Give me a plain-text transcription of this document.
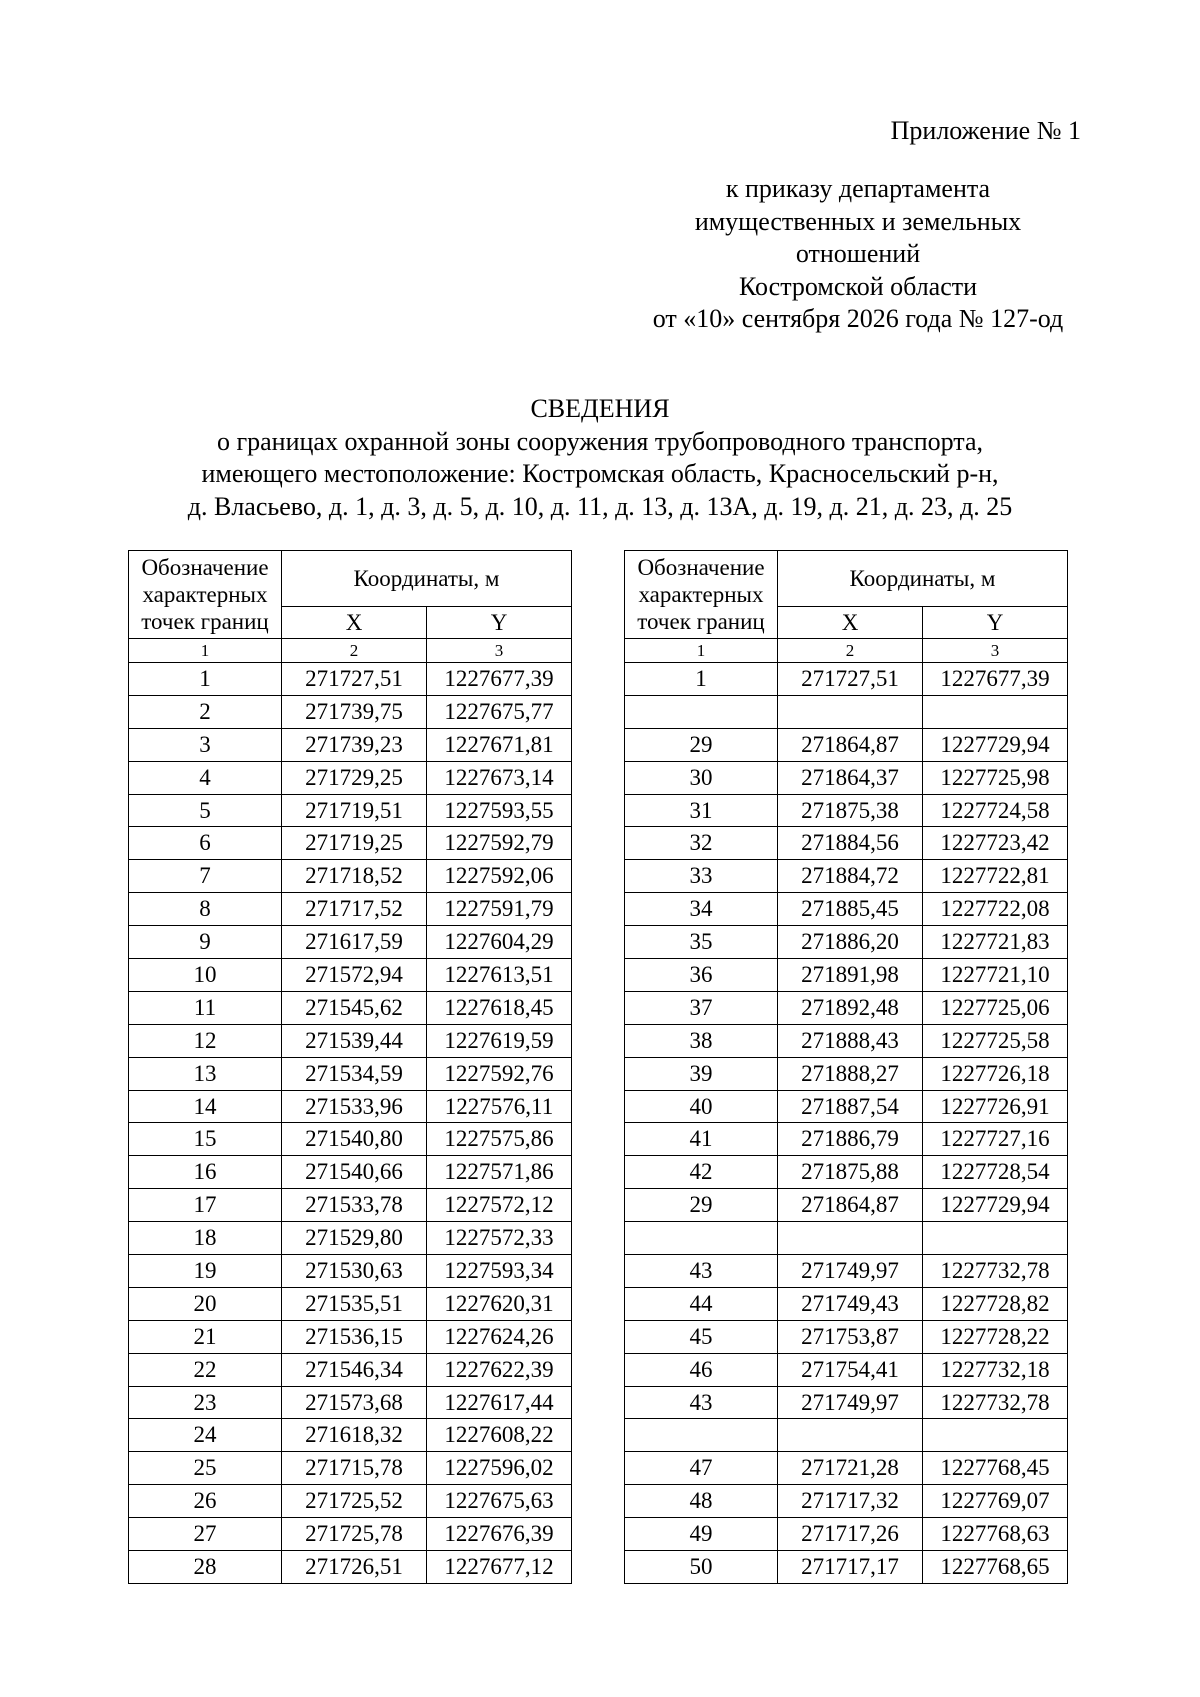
Приложение № 1
к приказу департамента
имущественных и земельных
отношений
Костромской области
от «10» сентября 2026 года № 127-од
СВЕДЕНИЯ
о границах охранной зоны сооружения трубопроводного транспорта,
имеющего местоположение: Костромская область, Красносельский р-н,
д. Власьево, д. 1, д. 3, д. 5, д. 10, д. 11, д. 13, д. 13А, д. 19, д. 21, д. 23, д. 25
Обозначение
характерных
точек границ	Координаты, м	
	X	Y
1	2	3
1	271727,51	1227677,39
2	271739,75	1227675,77
3	271739,23	1227671,81
4	271729,25	1227673,14
5	271719,51	1227593,55
6	271719,25	1227592,79
7	271718,52	1227592,06
8	271717,52	1227591,79
9	271617,59	1227604,29
10	271572,94	1227613,51
11	271545,62	1227618,45
12	271539,44	1227619,59
13	271534,59	1227592,76
14	271533,96	1227576,11
15	271540,80	1227575,86
16	271540,66	1227571,86
17	271533,78	1227572,12
18	271529,80	1227572,33
19	271530,63	1227593,34
20	271535,51	1227620,31
21	271536,15	1227624,26
22	271546,34	1227622,39
23	271573,68	1227617,44
24	271618,32	1227608,22
25	271715,78	1227596,02
26	271725,52	1227675,63
27	271725,78	1227676,39
28	271726,51	1227677,12
Обозначение
характерных
точек границ	Координаты, м	
	X	Y
1	2	3
1	271727,51	1227677,39

29	271864,87	1227729,94
30	271864,37	1227725,98
31	271875,38	1227724,58
32	271884,56	1227723,42
33	271884,72	1227722,81
34	271885,45	1227722,08
35	271886,20	1227721,83
36	271891,98	1227721,10
37	271892,48	1227725,06
38	271888,43	1227725,58
39	271888,27	1227726,18
40	271887,54	1227726,91
41	271886,79	1227727,16
42	271875,88	1227728,54
29	271864,87	1227729,94

43	271749,97	1227732,78
44	271749,43	1227728,82
45	271753,87	1227728,22
46	271754,41	1227732,18
43	271749,97	1227732,78

47	271721,28	1227768,45
48	271717,32	1227769,07
49	271717,26	1227768,63
50	271717,17	1227768,65
